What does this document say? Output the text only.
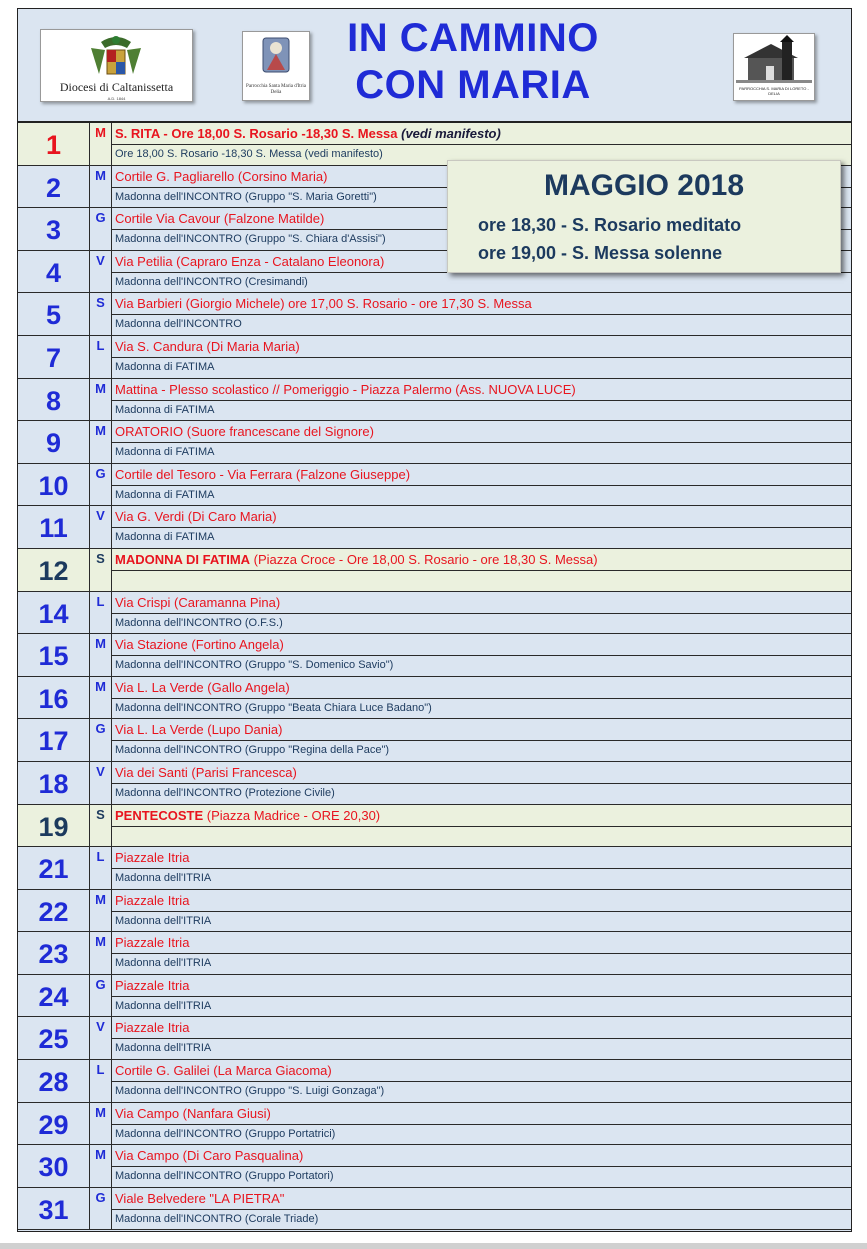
Diocesi di Caltanissetta
A.D. 1844
Parrocchia Santa Maria d'Itria Delia
IN CAMMINO
CON MARIA	PARROCCHIA S. MARIA DI LORETO - DELIA
1	M S. RITA - Ore 18,00 S. Rosario -18,30 S. Messa (vedi manifesto)
Ore 18,00 S. Rosario -18,30 S. Messa (vedi manifesto)
2	M Cortile G. Pagliarello (Corsino Maria)
Madonna dell'INCONTRO (Gruppo "S. Maria Goretti")
3	G Cortile Via Cavour (Falzone Matilde)
Madonna dell'INCONTRO (Gruppo "S. Chiara d'Assisi")
4	V Via Petilia (Capraro Enza - Catalano Eleonora)
Madonna dell'INCONTRO (Cresimandi)
5	S Via Barbieri (Giorgio Michele) ore 17,00 S. Rosario - ore 17,30 S. Messa
Madonna dell'INCONTRO
7	L Via S. Candura (Di Maria Maria)
Madonna di FATIMA
8	M Mattina - Plesso scolastico // Pomeriggio - Piazza Palermo (Ass. NUOVA LUCE)
Madonna di FATIMA
9	M ORATORIO (Suore francescane del Signore)
Madonna di FATIMA
10	G Cortile del Tesoro - Via Ferrara (Falzone Giuseppe)
Madonna di FATIMA
11	V Via G. Verdi (Di Caro Maria)
Madonna di FATIMA
12	S MADONNA DI FATIMA (Piazza Croce - Ore 18,00 S. Rosario - ore 18,30 S. Messa)
14	L Via Crispi (Caramanna Pina)
Madonna dell'INCONTRO (O.F.S.)
15	M Via Stazione (Fortino Angela)
Madonna dell'INCONTRO (Gruppo "S. Domenico Savio")
16	M Via L. La Verde (Gallo Angela)
Madonna dell'INCONTRO (Gruppo "Beata Chiara Luce Badano")
17	G Via L. La Verde (Lupo Dania)
Madonna dell'INCONTRO (Gruppo "Regina della Pace")
18	V Via dei Santi (Parisi Francesca)
Madonna dell'INCONTRO (Protezione Civile)
19	S PENTECOSTE (Piazza Madrice - ORE 20,30)
21	L Piazzale Itria
Madonna dell'ITRIA
22	M Piazzale Itria
Madonna dell'ITRIA
23	M Piazzale Itria
Madonna dell'ITRIA
24	G Piazzale Itria
Madonna dell'ITRIA
25	V Piazzale Itria
Madonna dell'ITRIA
28	L Cortile G. Galilei (La Marca Giacoma)
Madonna dell'INCONTRO (Gruppo "S. Luigi Gonzaga")
29	M Via Campo (Nanfara Giusi)
Madonna dell'INCONTRO (Gruppo Portatrici)
30	M Via Campo (Di Caro Pasqualina)
Madonna dell'INCONTRO (Gruppo Portatori)
31	G Viale Belvedere "LA PIETRA"
Madonna dell'INCONTRO (Corale Triade)
MAGGIO 2018
ore 18,30 - S. Rosario meditato
ore 19,00 - S. Messa solenne
